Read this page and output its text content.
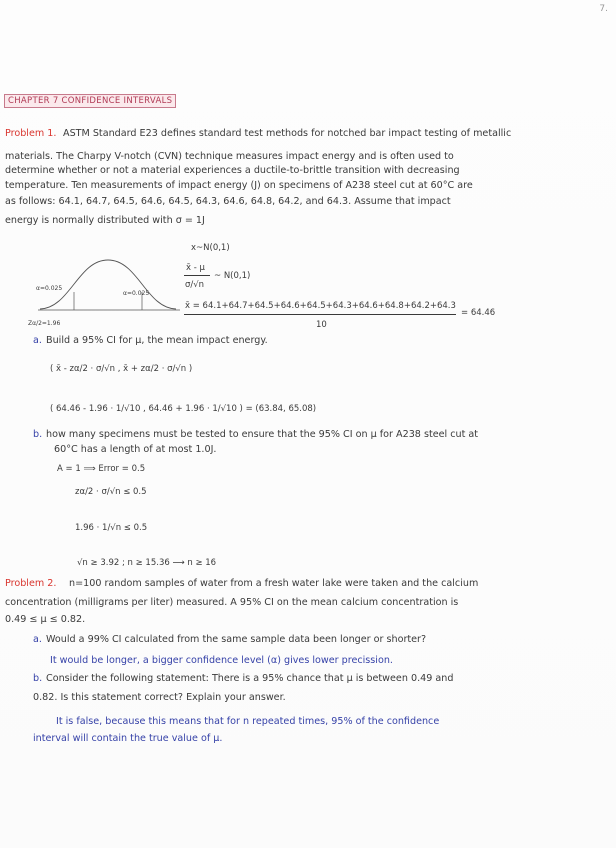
7.
CHAPTER 7 CONFIDENCE INTERVALS
Problem 1. ASTM Standard E23 defines standard test methods for notched bar impact testing of metallic
materials. The Charpy V-notch (CVN) technique measures impact energy and is often used to
determine whether or not a material experiences a ductile-to-brittle transition with decreasing
temperature. Ten measurements of impact energy (J) on specimens of A238 steel cut at 60°C are
as follows: 64.1, 64.7, 64.5, 64.6, 64.5, 64.3, 64.6, 64.8, 64.2, and 64.3. Assume that impact
energy is normally distributed with σ = 1J
x~N(0,1)
x̄ - μ
σ/√n
~ N(0,1)
α=0.025
α=0.025
Zα/2=1.96
x̄ = 64.1+64.7+64.5+64.6+64.5+64.3+64.6+64.8+64.2+64.3
10
= 64.46
a. Build a 95% CI for μ, the mean impact energy.
( x̄ - zα/2 · σ/√n , x̄ + zα/2 · σ/√n )
( 64.46 - 1.96 · 1/√10 , 64.46 + 1.96 · 1/√10 ) = (63.84, 65.08)
b. how many specimens must be tested to ensure that the 95% CI on μ for A238 steel cut at
60°C has a length of at most 1.0J.
A = 1 ⟹ Error = 0.5
zα/2 · σ/√n ≤ 0.5
1.96 · 1/√n ≤ 0.5
√n ≥ 3.92 ; n ≥ 15.36 ⟶ n ≥ 16
Problem 2. n=100 random samples of water from a fresh water lake were taken and the calcium
concentration (milligrams per liter) measured. A 95% CI on the mean calcium concentration is
0.49 ≤ μ ≤ 0.82.
a. Would a 99% CI calculated from the same sample data been longer or shorter?
It would be longer, a bigger confidence level (α) gives lower precission.
b. Consider the following statement: There is a 95% chance that μ is between 0.49 and
0.82. Is this statement correct? Explain your answer.
It is false, because this means that for n repeated times, 95% of the confidence
interval will contain the true value of μ.
